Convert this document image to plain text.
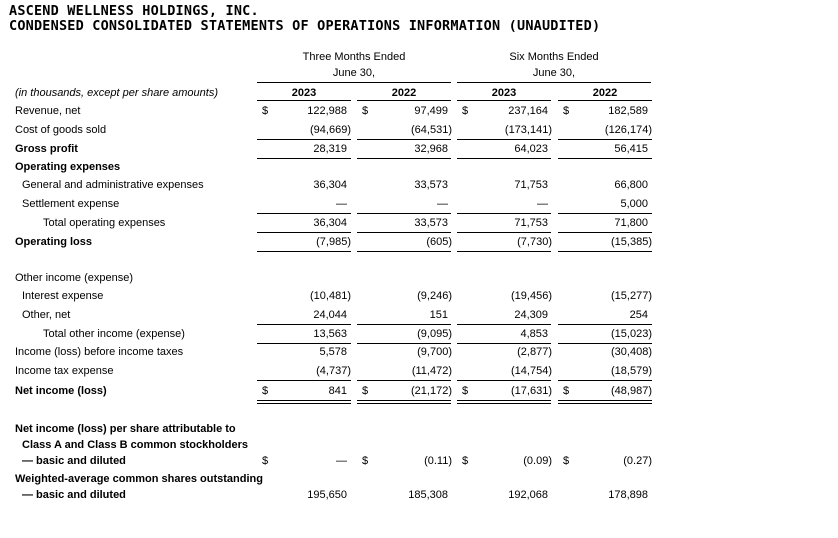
ASCEND WELLNESS HOLDINGS, INC.
CONDENSED CONSOLIDATED STATEMENTS OF OPERATIONS INFORMATION (UNAUDITED)
Three Months Ended
June 30,
Six Months Ended
June 30,
(in thousands, except per share amounts)	2023	2022	2023	2022
Revenue, net	$	122,988 $	97,499 $	237,164 $	182,589
Cost of goods sold	(94,669)	(64,531)	(173,141)	(126,174)
Gross profit	28,319	32,968	64,023	56,415
Operating expenses
General and administrative expenses	36,304	33,573	71,753	66,800
Settlement expense	—	—	—	5,000
Total operating expenses	36,304	33,573	71,753	71,800
Operating loss	(7,985)	(605)	(7,730)	(15,385)
Other income (expense)
Interest expense	(10,481)	(9,246)	(19,456)	(15,277)
Other, net	24,044	151	24,309	254
Total other income (expense)	13,563	(9,095)	4,853	(15,023)
Income (loss) before income taxes	5,578	(9,700)	(2,877)	(30,408)
Income tax expense	(4,737)	(11,472)	(14,754)	(18,579)
Net income (loss)	$	841 $	(21,172) $	(17,631) $	(48,987)
Net income (loss) per share attributable to
Class A and Class B common stockholders
— basic and diluted	$	— $	(0.11) $	(0.09) $	(0.27)
Weighted-average common shares outstanding
— basic and diluted	195,650	185,308	192,068	178,898
